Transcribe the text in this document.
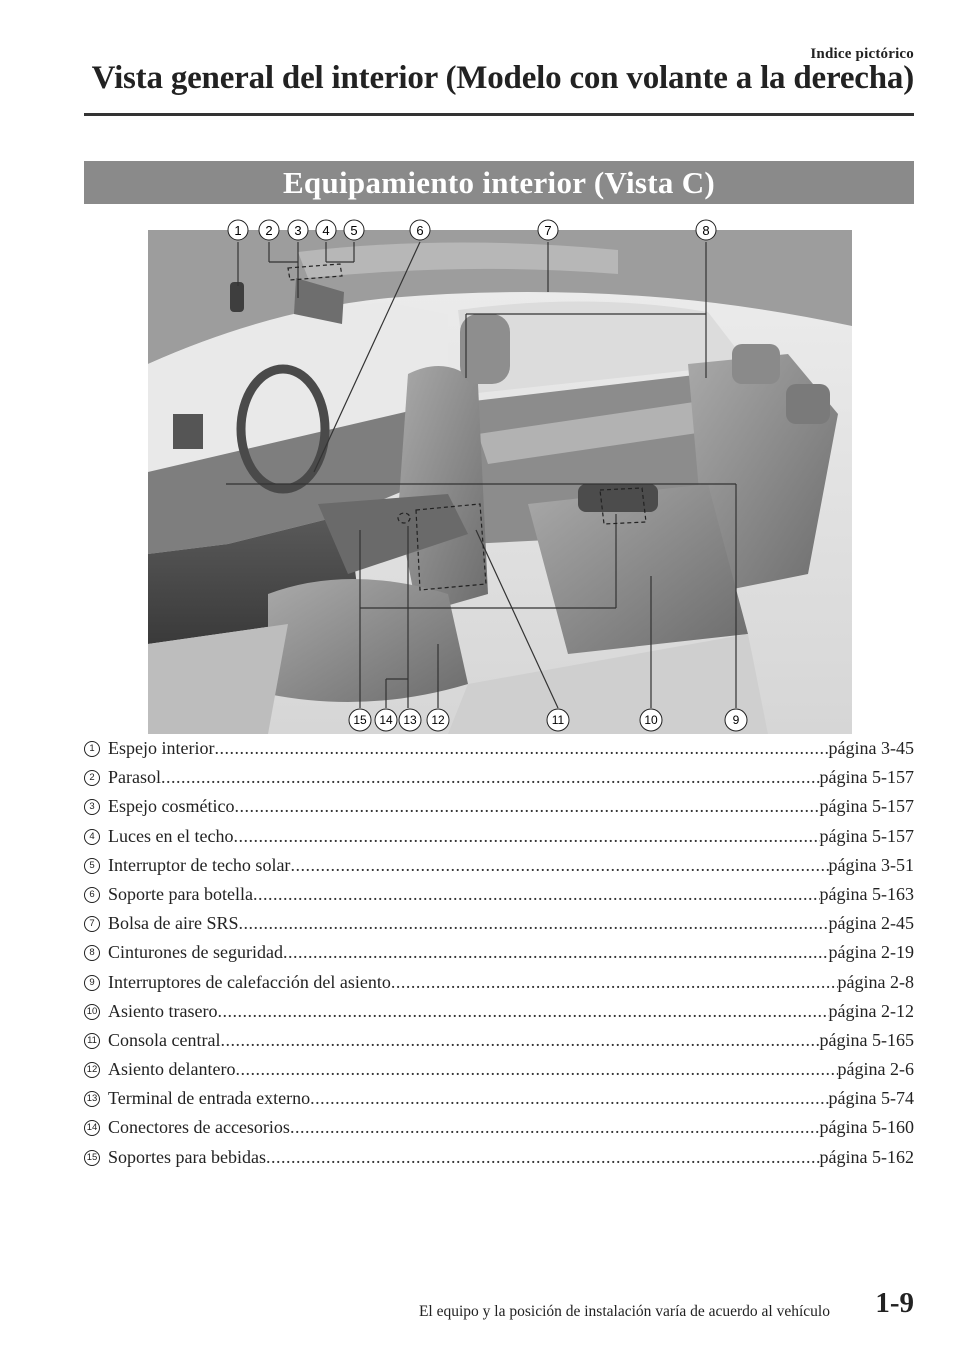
Indice pictórico
Vista general del interior (Modelo con volante a la derecha)
Equipamiento interior (Vista C)
1 2 3 4 5	6	7	8
15 14 13 12	11	10	9
1 Espejo interior .....	página 3-45
2 Parasol .....	página 5-157
3 Espejo cosmético .....	página 5-157
4 Luces en el techo .....	página 5-157
5 Interruptor de techo solar .....	página 3-51
6 Soporte para botella .....	página 5-163
7 Bolsa de aire SRS .....	página 2-45
8 Cinturones de seguridad .....	página 2-19
9 Interruptores de calefacción del asiento .....	página 2-8
10 Asiento trasero .....	página 2-12
11 Consola central .....	página 5-165
12 Asiento delantero .....	página 2-6
13 Terminal de entrada externo .....	página 5-74
14 Conectores de accesorios .....	página 5-160
15 Soportes para bebidas .....	página 5-162
El equipo y la posición de instalación varía de acuerdo al vehículo 1-9
